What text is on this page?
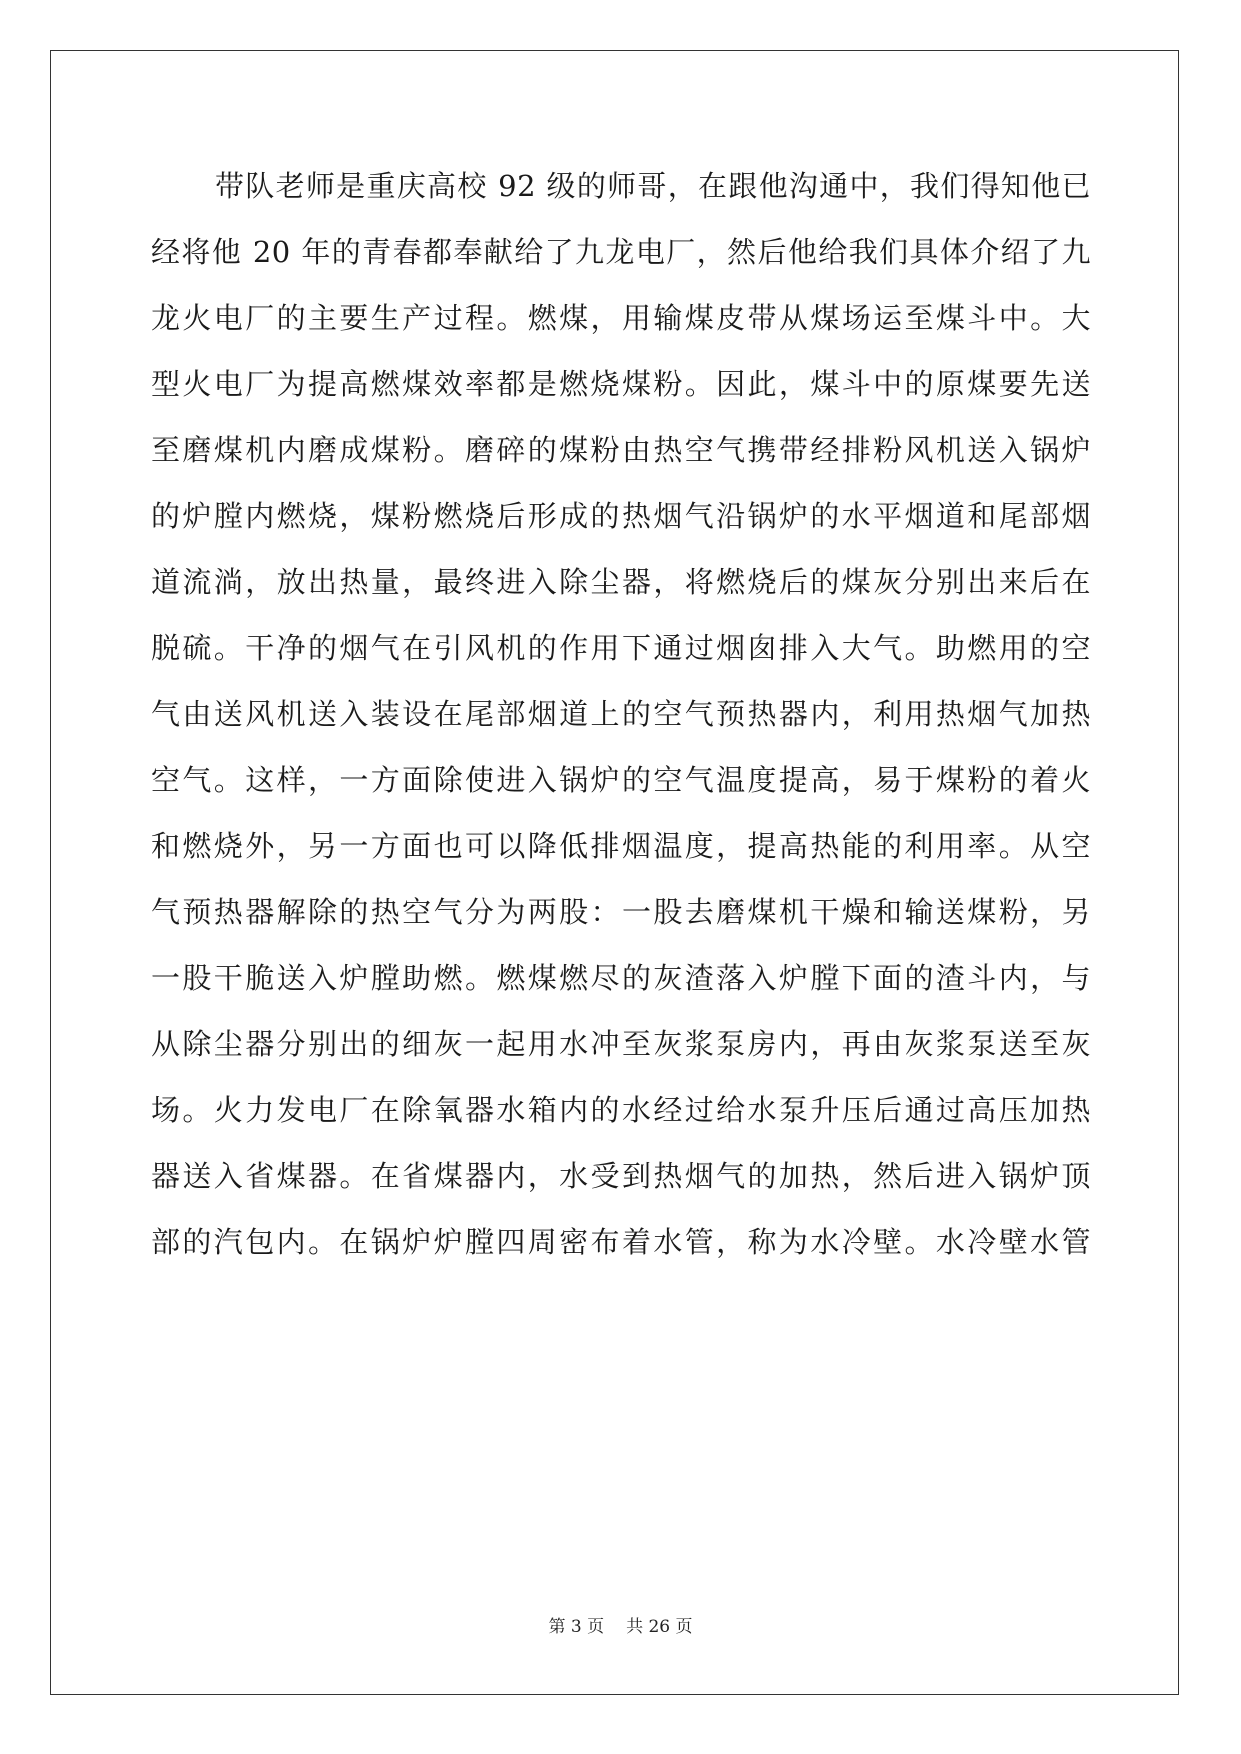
带队老师是重庆高校 92 级的师哥，在跟他沟通中，我们得知他已
经将他 20 年的青春都奉献给了九龙电厂，然后他给我们具体介绍了九
龙火电厂的主要生产过程。燃煤，用输煤皮带从煤场运至煤斗中。大
型火电厂为提高燃煤效率都是燃烧煤粉。因此，煤斗中的原煤要先送
至磨煤机内磨成煤粉。磨碎的煤粉由热空气携带经排粉风机送入锅炉
的炉膛内燃烧，煤粉燃烧后形成的热烟气沿锅炉的水平烟道和尾部烟
道流淌，放出热量，最终进入除尘器，将燃烧后的煤灰分别出来后在
脱硫。干净的烟气在引风机的作用下通过烟囱排入大气。助燃用的空
气由送风机送入装设在尾部烟道上的空气预热器内，利用热烟气加热
空气。这样，一方面除使进入锅炉的空气温度提高，易于煤粉的着火
和燃烧外，另一方面也可以降低排烟温度，提高热能的利用率。从空
气预热器解除的热空气分为两股：一股去磨煤机干燥和输送煤粉，另
一股干脆送入炉膛助燃。燃煤燃尽的灰渣落入炉膛下面的渣斗内，与
从除尘器分别出的细灰一起用水冲至灰浆泵房内，再由灰浆泵送至灰
场。火力发电厂在除氧器水箱内的水经过给水泵升压后通过高压加热
器送入省煤器。在省煤器内，水受到热烟气的加热，然后进入锅炉顶
部的汽包内。在锅炉炉膛四周密布着水管，称为水冷壁。水冷壁水管
第 3 页 共 26 页
